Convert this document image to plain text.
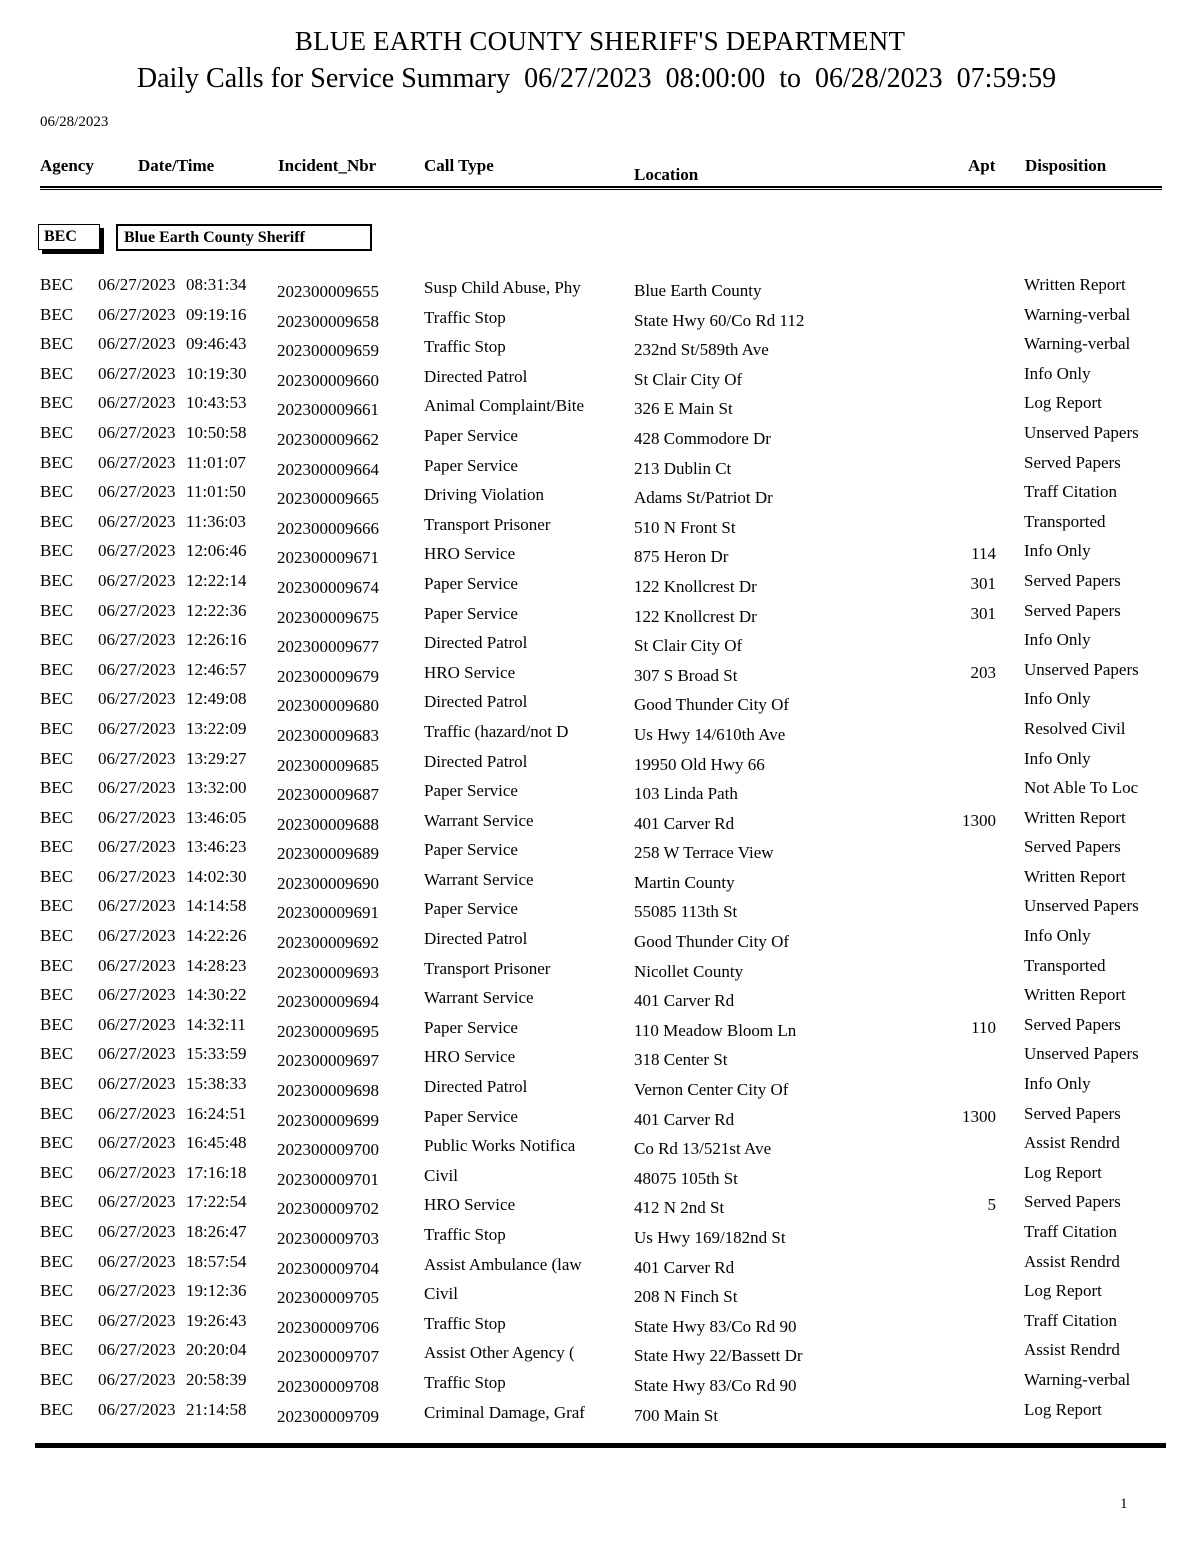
BLUE EARTH COUNTY SHERIFF'S DEPARTMENT
Daily Calls for Service Summary 06/27/2023 08:00:00 to 06/28/2023 07:59:59
06/28/2023
Agency	Date/Time	Incident_Nbr	Call Type	Location	Apt Disposition
BEC	Blue Earth County Sheriff
BEC 06/27/2023 08:31:34 202300009655	Susp Child Abuse, Phy	Blue Earth County	Written Report
BEC 06/27/2023 09:19:16 202300009658	Traffic Stop	State Hwy 60/Co Rd 112	Warning-verbal
BEC 06/27/2023 09:46:43 202300009659	Traffic Stop	232nd St/589th Ave	Warning-verbal
BEC 06/27/2023 10:19:30 202300009660	Directed Patrol	St Clair City Of	Info Only
BEC 06/27/2023 10:43:53 202300009661	Animal Complaint/Bite	326 E Main St	Log Report
BEC 06/27/2023 10:50:58 202300009662	Paper Service	428 Commodore Dr	Unserved Papers
BEC 06/27/2023 11:01:07 202300009664	Paper Service	213 Dublin Ct	Served Papers
BEC 06/27/2023 11:01:50 202300009665	Driving Violation	Adams St/Patriot Dr	Traff Citation
BEC 06/27/2023 11:36:03 202300009666	Transport Prisoner	510 N Front St	Transported
BEC 06/27/2023 12:06:46 202300009671	HRO Service	875 Heron Dr	114 Info Only
BEC 06/27/2023 12:22:14 202300009674	Paper Service	122 Knollcrest Dr	301 Served Papers
BEC 06/27/2023 12:22:36 202300009675	Paper Service	122 Knollcrest Dr	301 Served Papers
BEC 06/27/2023 12:26:16 202300009677	Directed Patrol	St Clair City Of	Info Only
BEC 06/27/2023 12:46:57 202300009679	HRO Service	307 S Broad St	203 Unserved Papers
BEC 06/27/2023 12:49:08 202300009680	Directed Patrol	Good Thunder City Of	Info Only
BEC 06/27/2023 13:22:09 202300009683	Traffic (hazard/not D	Us Hwy 14/610th Ave	Resolved Civil
BEC 06/27/2023 13:29:27 202300009685	Directed Patrol	19950 Old Hwy 66	Info Only
BEC 06/27/2023 13:32:00 202300009687	Paper Service	103 Linda Path	Not Able To Loc
BEC 06/27/2023 13:46:05 202300009688	Warrant Service	401 Carver Rd	1300 Written Report
BEC 06/27/2023 13:46:23 202300009689	Paper Service	258 W Terrace View	Served Papers
BEC 06/27/2023 14:02:30 202300009690	Warrant Service	Martin County	Written Report
BEC 06/27/2023 14:14:58 202300009691	Paper Service	55085 113th St	Unserved Papers
BEC 06/27/2023 14:22:26 202300009692	Directed Patrol	Good Thunder City Of	Info Only
BEC 06/27/2023 14:28:23 202300009693	Transport Prisoner	Nicollet County	Transported
BEC 06/27/2023 14:30:22 202300009694	Warrant Service	401 Carver Rd	Written Report
BEC 06/27/2023 14:32:11 202300009695	Paper Service	110 Meadow Bloom Ln	110 Served Papers
BEC 06/27/2023 15:33:59 202300009697	HRO Service	318 Center St	Unserved Papers
BEC 06/27/2023 15:38:33 202300009698	Directed Patrol	Vernon Center City Of	Info Only
BEC 06/27/2023 16:24:51 202300009699	Paper Service	401 Carver Rd	1300 Served Papers
BEC 06/27/2023 16:45:48 202300009700	Public Works Notifica	Co Rd 13/521st Ave	Assist Rendrd
BEC 06/27/2023 17:16:18 202300009701	Civil	48075 105th St	Log Report
BEC 06/27/2023 17:22:54 202300009702	HRO Service	412 N 2nd St	5 Served Papers
BEC 06/27/2023 18:26:47 202300009703	Traffic Stop	Us Hwy 169/182nd St	Traff Citation
BEC 06/27/2023 18:57:54 202300009704	Assist Ambulance (law	401 Carver Rd	Assist Rendrd
BEC 06/27/2023 19:12:36 202300009705	Civil	208 N Finch St	Log Report
BEC 06/27/2023 19:26:43 202300009706	Traffic Stop	State Hwy 83/Co Rd 90	Traff Citation
BEC 06/27/2023 20:20:04 202300009707	Assist Other Agency (	State Hwy 22/Bassett Dr	Assist Rendrd
BEC 06/27/2023 20:58:39 202300009708	Traffic Stop	State Hwy 83/Co Rd 90	Warning-verbal
BEC 06/27/2023 21:14:58 202300009709	Criminal Damage, Graf	700 Main St	Log Report
1
